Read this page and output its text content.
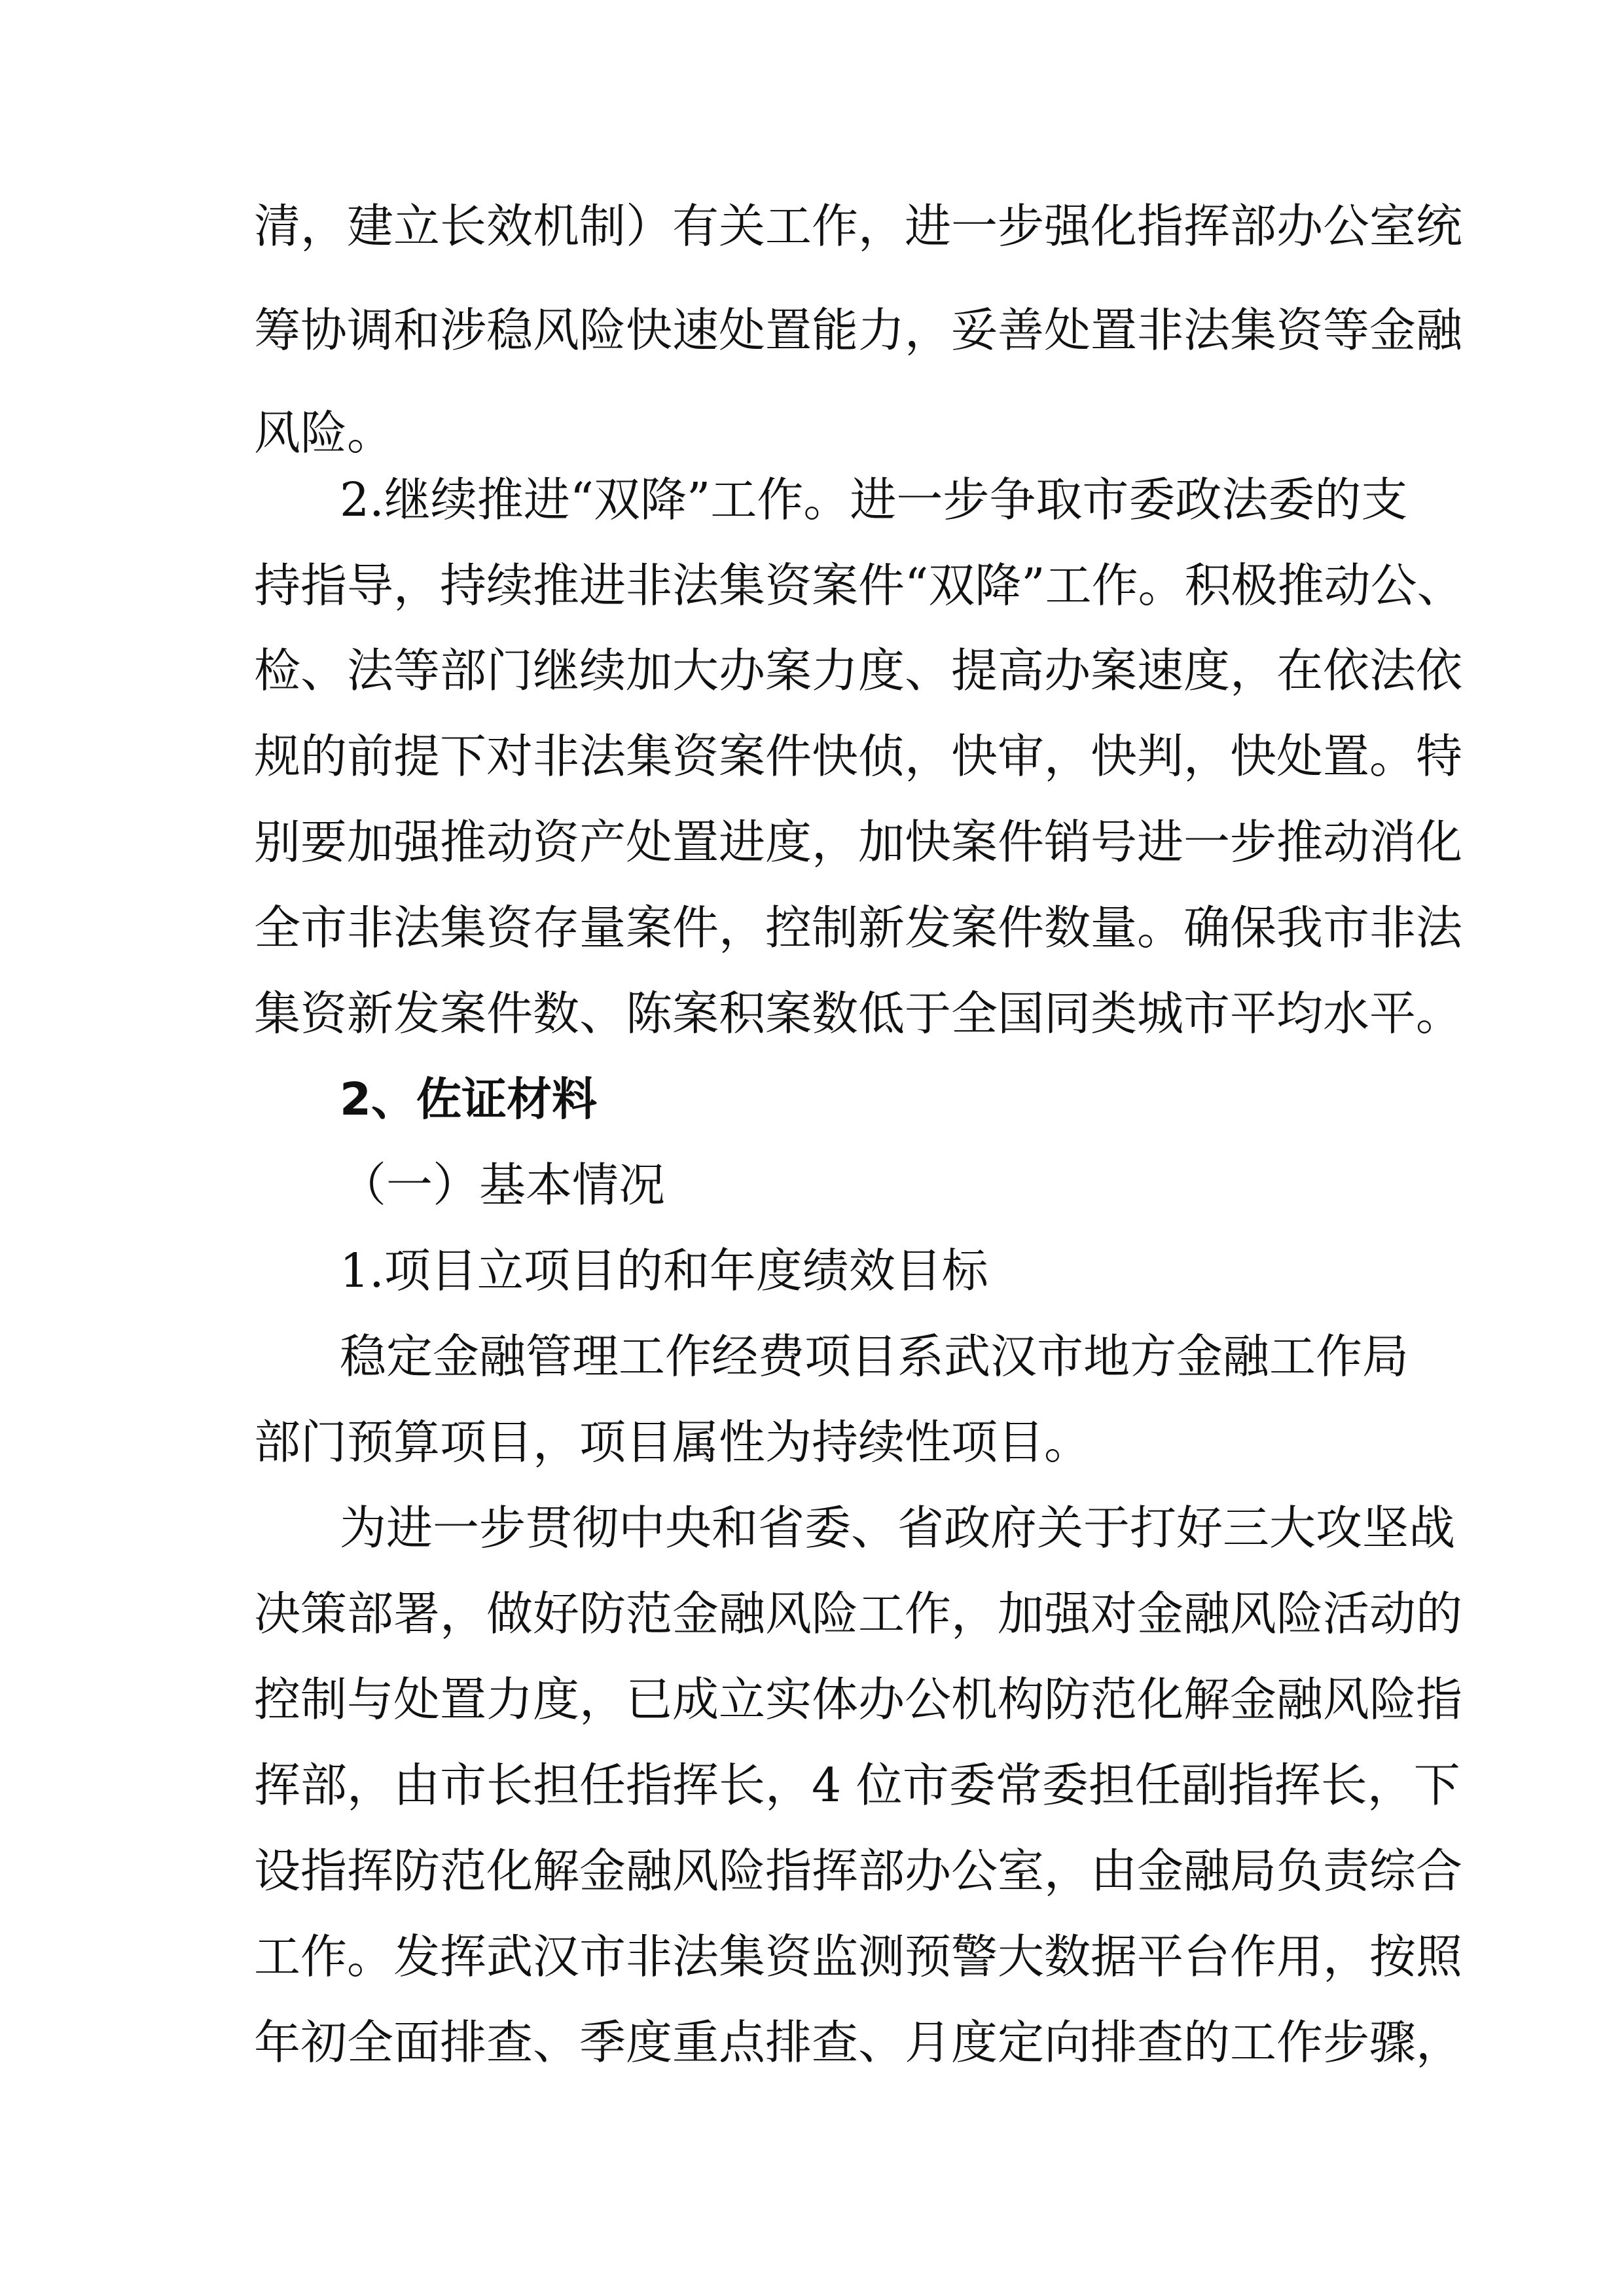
清，建立长效机制）有关工作，进一步强化指挥部办公室统
筹协调和涉稳风险快速处置能力，妥善处置非法集资等金融
风险。
2.继续推进“双降”工作。进一步争取市委政法委的支
持指导，持续推进非法集资案件“双降”工作。积极推动公、
检、法等部门继续加大办案力度、提高办案速度，在依法依
规的前提下对非法集资案件快侦，快审，快判，快处置。特
别要加强推动资产处置进度，加快案件销号进一步推动消化
全市非法集资存量案件，控制新发案件数量。确保我市非法
集资新发案件数、陈案积案数低于全国同类城市平均水平。
2、佐证材料
（一）基本情况
1.项目立项目的和年度绩效目标
稳定金融管理工作经费项目系武汉市地方金融工作局
部门预算项目，项目属性为持续性项目。
为进一步贯彻中央和省委、省政府关于打好三大攻坚战
决策部署，做好防范金融风险工作，加强对金融风险活动的
控制与处置力度，已成立实体办公机构防范化解金融风险指
挥部，由市长担任指挥长，4 位市委常委担任副指挥长，下
设指挥防范化解金融风险指挥部办公室，由金融局负责综合
工作。发挥武汉市非法集资监测预警大数据平台作用，按照
年初全面排查、季度重点排查、月度定向排查的工作步骤，
